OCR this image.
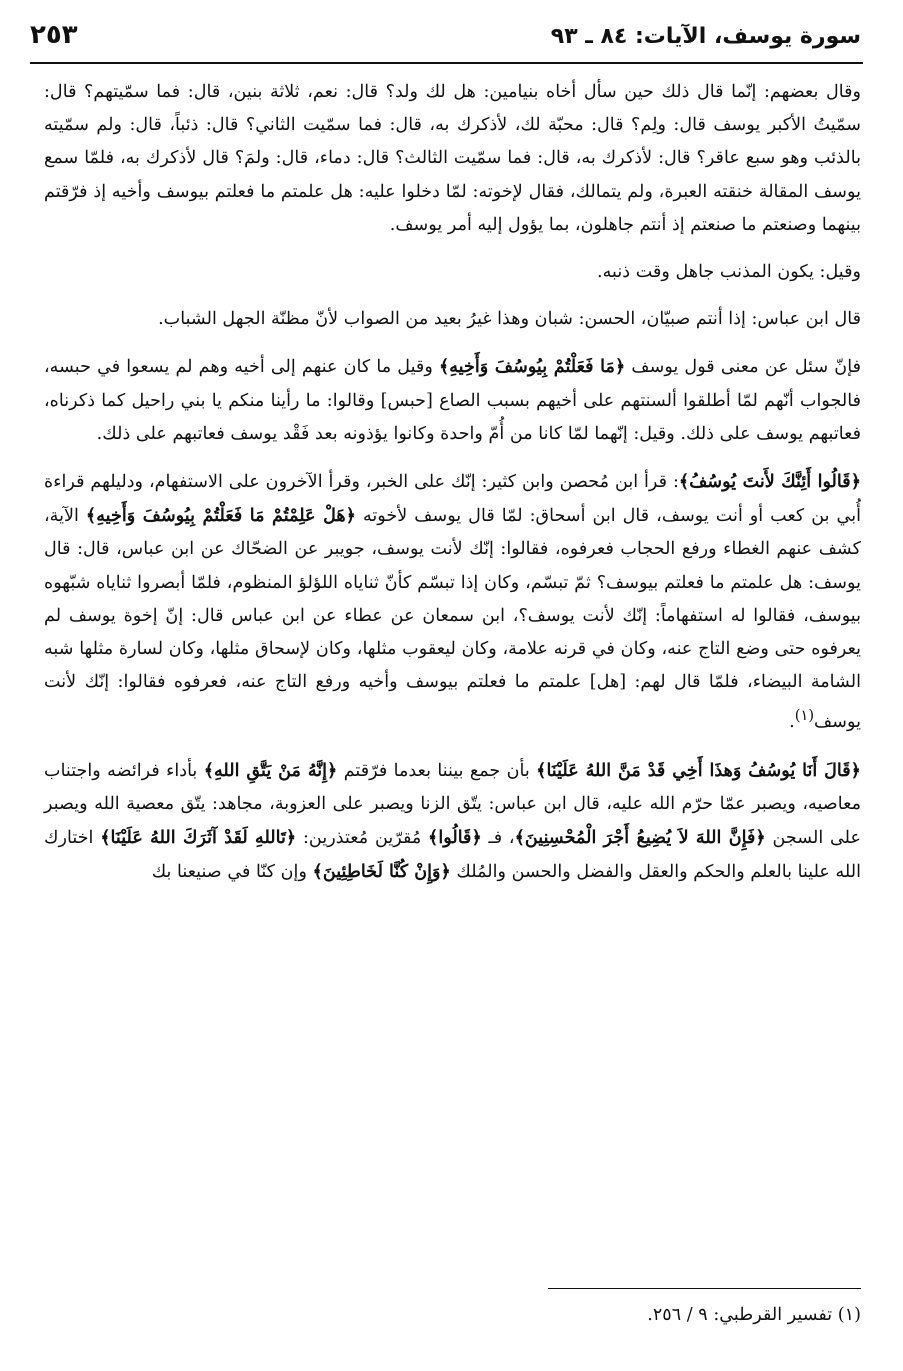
سورة يوسف، الآيات: ٨٤ ـ ٩٣
٢٥٣

وقال بعضهم: إنّما قال ذلك حين سأل أخاه بنيامين: هل لك ولد؟ قال: نعم، ثلاثة بنين، قال: فما سمّيتهم؟ قال: سمّيتُ الأكبر يوسف قال: ولِم؟ قال: محبّة لك، لأذكرك به، قال: فما سمّيت الثاني؟ قال: ذئباً، قال: ولم سمّيته بالذئب وهو سبع عاقر؟ قال: لأذكرك به، قال: فما سمّيت الثالث؟ قال: دماء، قال: ولمَ؟ قال لأذكرك به، فلمّا سمع يوسف المقالة خنقته العبرة، ولم يتمالك، فقال لإخوته: لمّا دخلوا عليه: هل علمتم ما فعلتم بيوسف وأخيه إذ فرّقتم بينهما وصنعتم ما صنعتم إذ أنتم جاهلون، بما يؤول إليه أمر يوسف.

وقيل: يكون المذنب جاهل وقت ذنبه.

قال ابن عباس: إذا أنتم صبيّان، الحسن: شبان وهذا غيرُ بعيد من الصواب لأنّ مظنّة الجهل الشباب.

فإنّ سئل عن معنى قول يوسف ﴿مَا فَعَلْتُمْ بِيُوسُفَ وَأَخِيهِ﴾ وقيل ما كان عنهم إلى أخيه وهم لم يسعوا في حبسه، فالجواب أنّهم لمّا أطلقوا ألسنتهم على أخيهم بسبب الصاع [حبس] وقالوا: ما رأينا منكم يا بني راحيل كما ذكرناه، فعاتبهم يوسف على ذلك. وقيل: إنّهما لمّا كانا من أُمّ واحدة وكانوا يؤذونه بعد فَقْد يوسف فعاتبهم على ذلك.

﴿قَالُوا أَئِنَّكَ لأَنتَ يُوسُفُ﴾: قرأ ابن مُحصن وابن كثير: إنّك على الخبر، وقرأ الآخرون على الاستفهام، ودليلهم قراءة أُبي بن كعب أو أنت يوسف، قال ابن أسحاق: لمّا قال يوسف لأخوته ﴿هَلْ عَلِمْتُمْ مَا فَعَلْتُمْ بِيُوسُفَ وَأَخِيهِ﴾ الآية، كشف عنهم الغطاء ورفع الحجاب فعرفوه، فقالوا: إنّك لأنت يوسف، جويبر عن الضحّاك عن ابن عباس، قال: قال يوسف: هل علمتم ما فعلتم بيوسف؟ ثمّ تبسّم، وكان إذا تبسّم كأنّ ثناياه اللؤلؤ المنظوم، فلمّا أبصروا ثناياه شبّهوه بيوسف، فقالوا له استفهاماً: إنّك لأنت يوسف؟، ابن سمعان عن عطاء عن ابن عباس قال: إنّ إخوة يوسف لم يعرفوه حتى وضع التاج عنه، وكان في قرنه علامة، وكان ليعقوب مثلها، وكان لإسحاق مثلها، وكان لسارة مثلها شبه الشامة البيضاء، فلمّا قال لهم: [هل] علمتم ما فعلتم بيوسف وأخيه ورفع التاج عنه، فعرفوه فقالوا: إنّك لأنت يوسف$^{(١)}$.

﴿قَالَ أَنَا يُوسُفُ وَهذَا أَخِي قَدْ مَنَّ اللهُ عَلَيْنَا﴾ بأن جمع بيننا بعدما فرّقتم ﴿إِنَّهُ مَنْ يَتَّقِ اللهِ﴾ بأداء فرائضه واجتناب معاصيه، ويصبر عمّا حرّم الله عليه، قال ابن عباس: يتّق الزنا ويصبر على العزوبة، مجاهد: يتّق معصية الله ويصبر على السجن ﴿فَإِنَّ اللهَ لاَ يُضِيعُ أَجْرَ الْمُحْسِنِينَ﴾، فـ ﴿قَالُوا﴾ مُقرّين مُعتذرين: ﴿تَاللهِ لَقَدْ آثَرَكَ اللهُ عَلَيْنَا﴾ اختارك الله علينا بالعلم والحكم والعقل والفضل والحسن والمُلك ﴿وَإِنْ كُنَّا لَخَاطِئِينَ﴾ وإن كنّا في صنيعنا بك

(١) تفسير القرطبي: ٩ / ٢٥٦.
